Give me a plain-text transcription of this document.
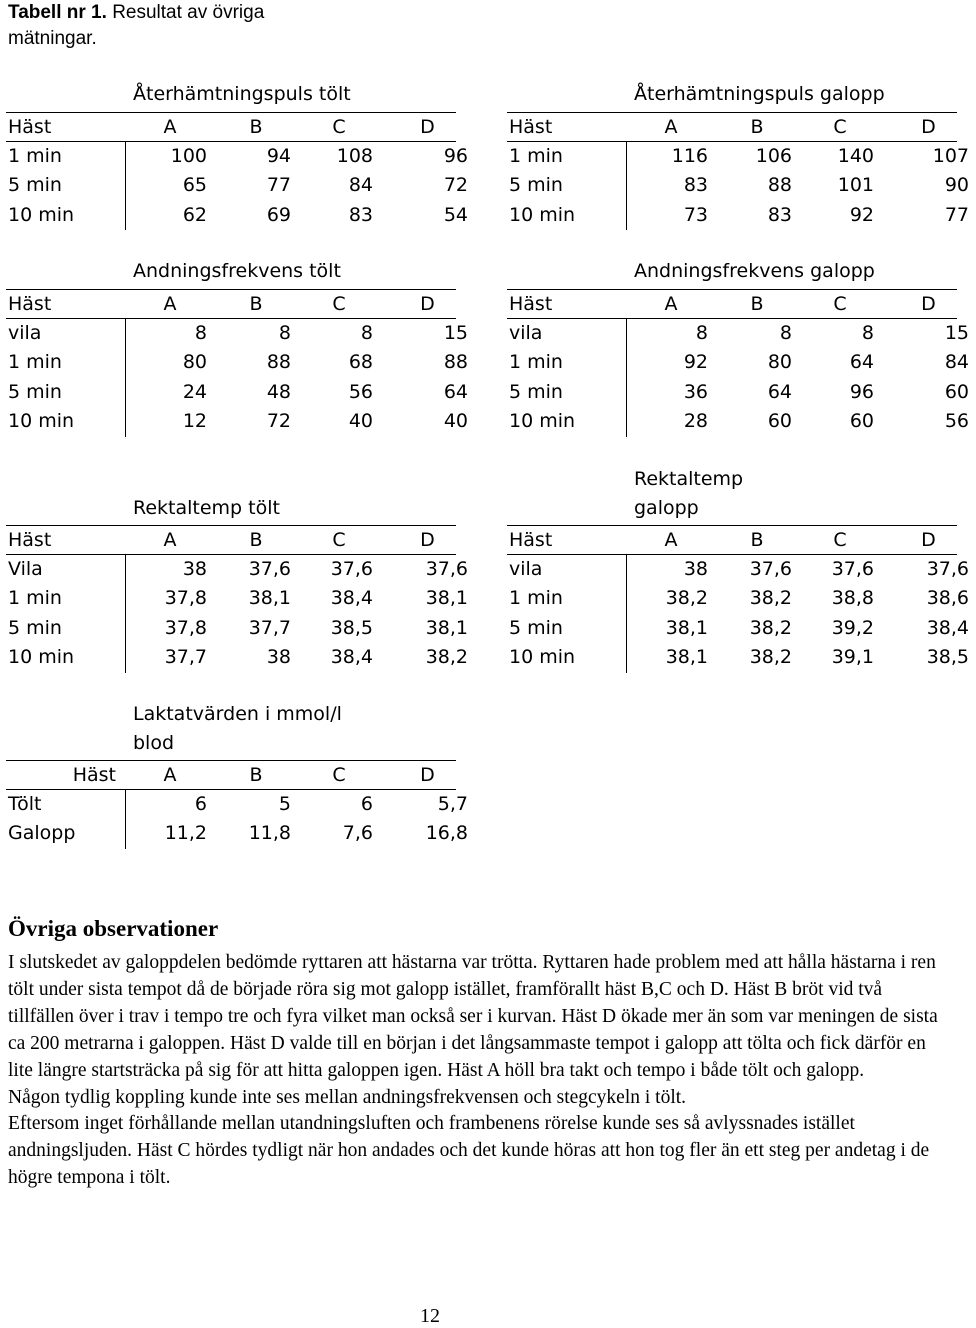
Tabell nr 1. Resultat av övriga mätningar.
Återhämtningspuls tölt
Häst	A	B	C	D
1 min	100	94	108	96
5 min	65	77	84	72
10 min	62	69	83	54
Återhämtningspuls galopp
Häst	A	B	C	D
1 min	116	106	140	107
5 min	83	88	101	90
10 min	73	83	92	77
Andningsfrekvens tölt
Häst	A	B	C	D
vila	8	8	8	15
1 min	80	88	68	88
5 min	24	48	56	64
10 min	12	72	40	40
Andningsfrekvens galopp
Häst	A	B	C	D
vila	8	8	8	15
1 min	92	80	64	84
5 min	36	64	96	60
10 min	28	60	60	56
Rektaltemp tölt
Häst	A	B	C	D
Vila	38	37,6	37,6	37,6
1 min	37,8	38,1	38,4	38,1
5 min	37,8	37,7	38,5	38,1
10 min	37,7	38	38,4	38,2
Rektaltemp
galopp
Häst	A	B	C	D
vila	38	37,6	37,6	37,6
1 min	38,2	38,2	38,8	38,6
5 min	38,1	38,2	39,2	38,4
10 min	38,1	38,2	39,1	38,5
Laktatvärden i mmol/l
blod
Häst	A	B	C	D
Tölt	6	5	6	5,7
Galopp	11,2	11,8	7,6	16,8
Övriga observationer

I slutskedet av galoppdelen bedömde ryttaren att hästarna var trötta. Ryttaren hade problem med att hålla hästarna i ren tölt under sista tempot då de började röra sig mot galopp istället, framförallt häst B,C och D. Häst B bröt vid två tillfällen över i trav i tempo tre och fyra vilket man också ser i kurvan. Häst D ökade mer än som var meningen de sista ca 200 metrarna i galoppen. Häst D valde till en början i det långsammaste tempot i galopp att tölta och fick därför en lite längre startsträcka på sig för att hitta galoppen igen. Häst A höll bra takt och tempo i både tölt och galopp.

Någon tydlig koppling kunde inte ses mellan andningsfrekvensen och stegcykeln i tölt.

Eftersom inget förhållande mellan utandningsluften och frambenens rörelse kunde ses så avlyssnades istället andningsljuden. Häst C hördes tydligt när hon andades och det kunde höras att hon tog fler än ett steg per andetag i de högre tempona i tölt.

12
